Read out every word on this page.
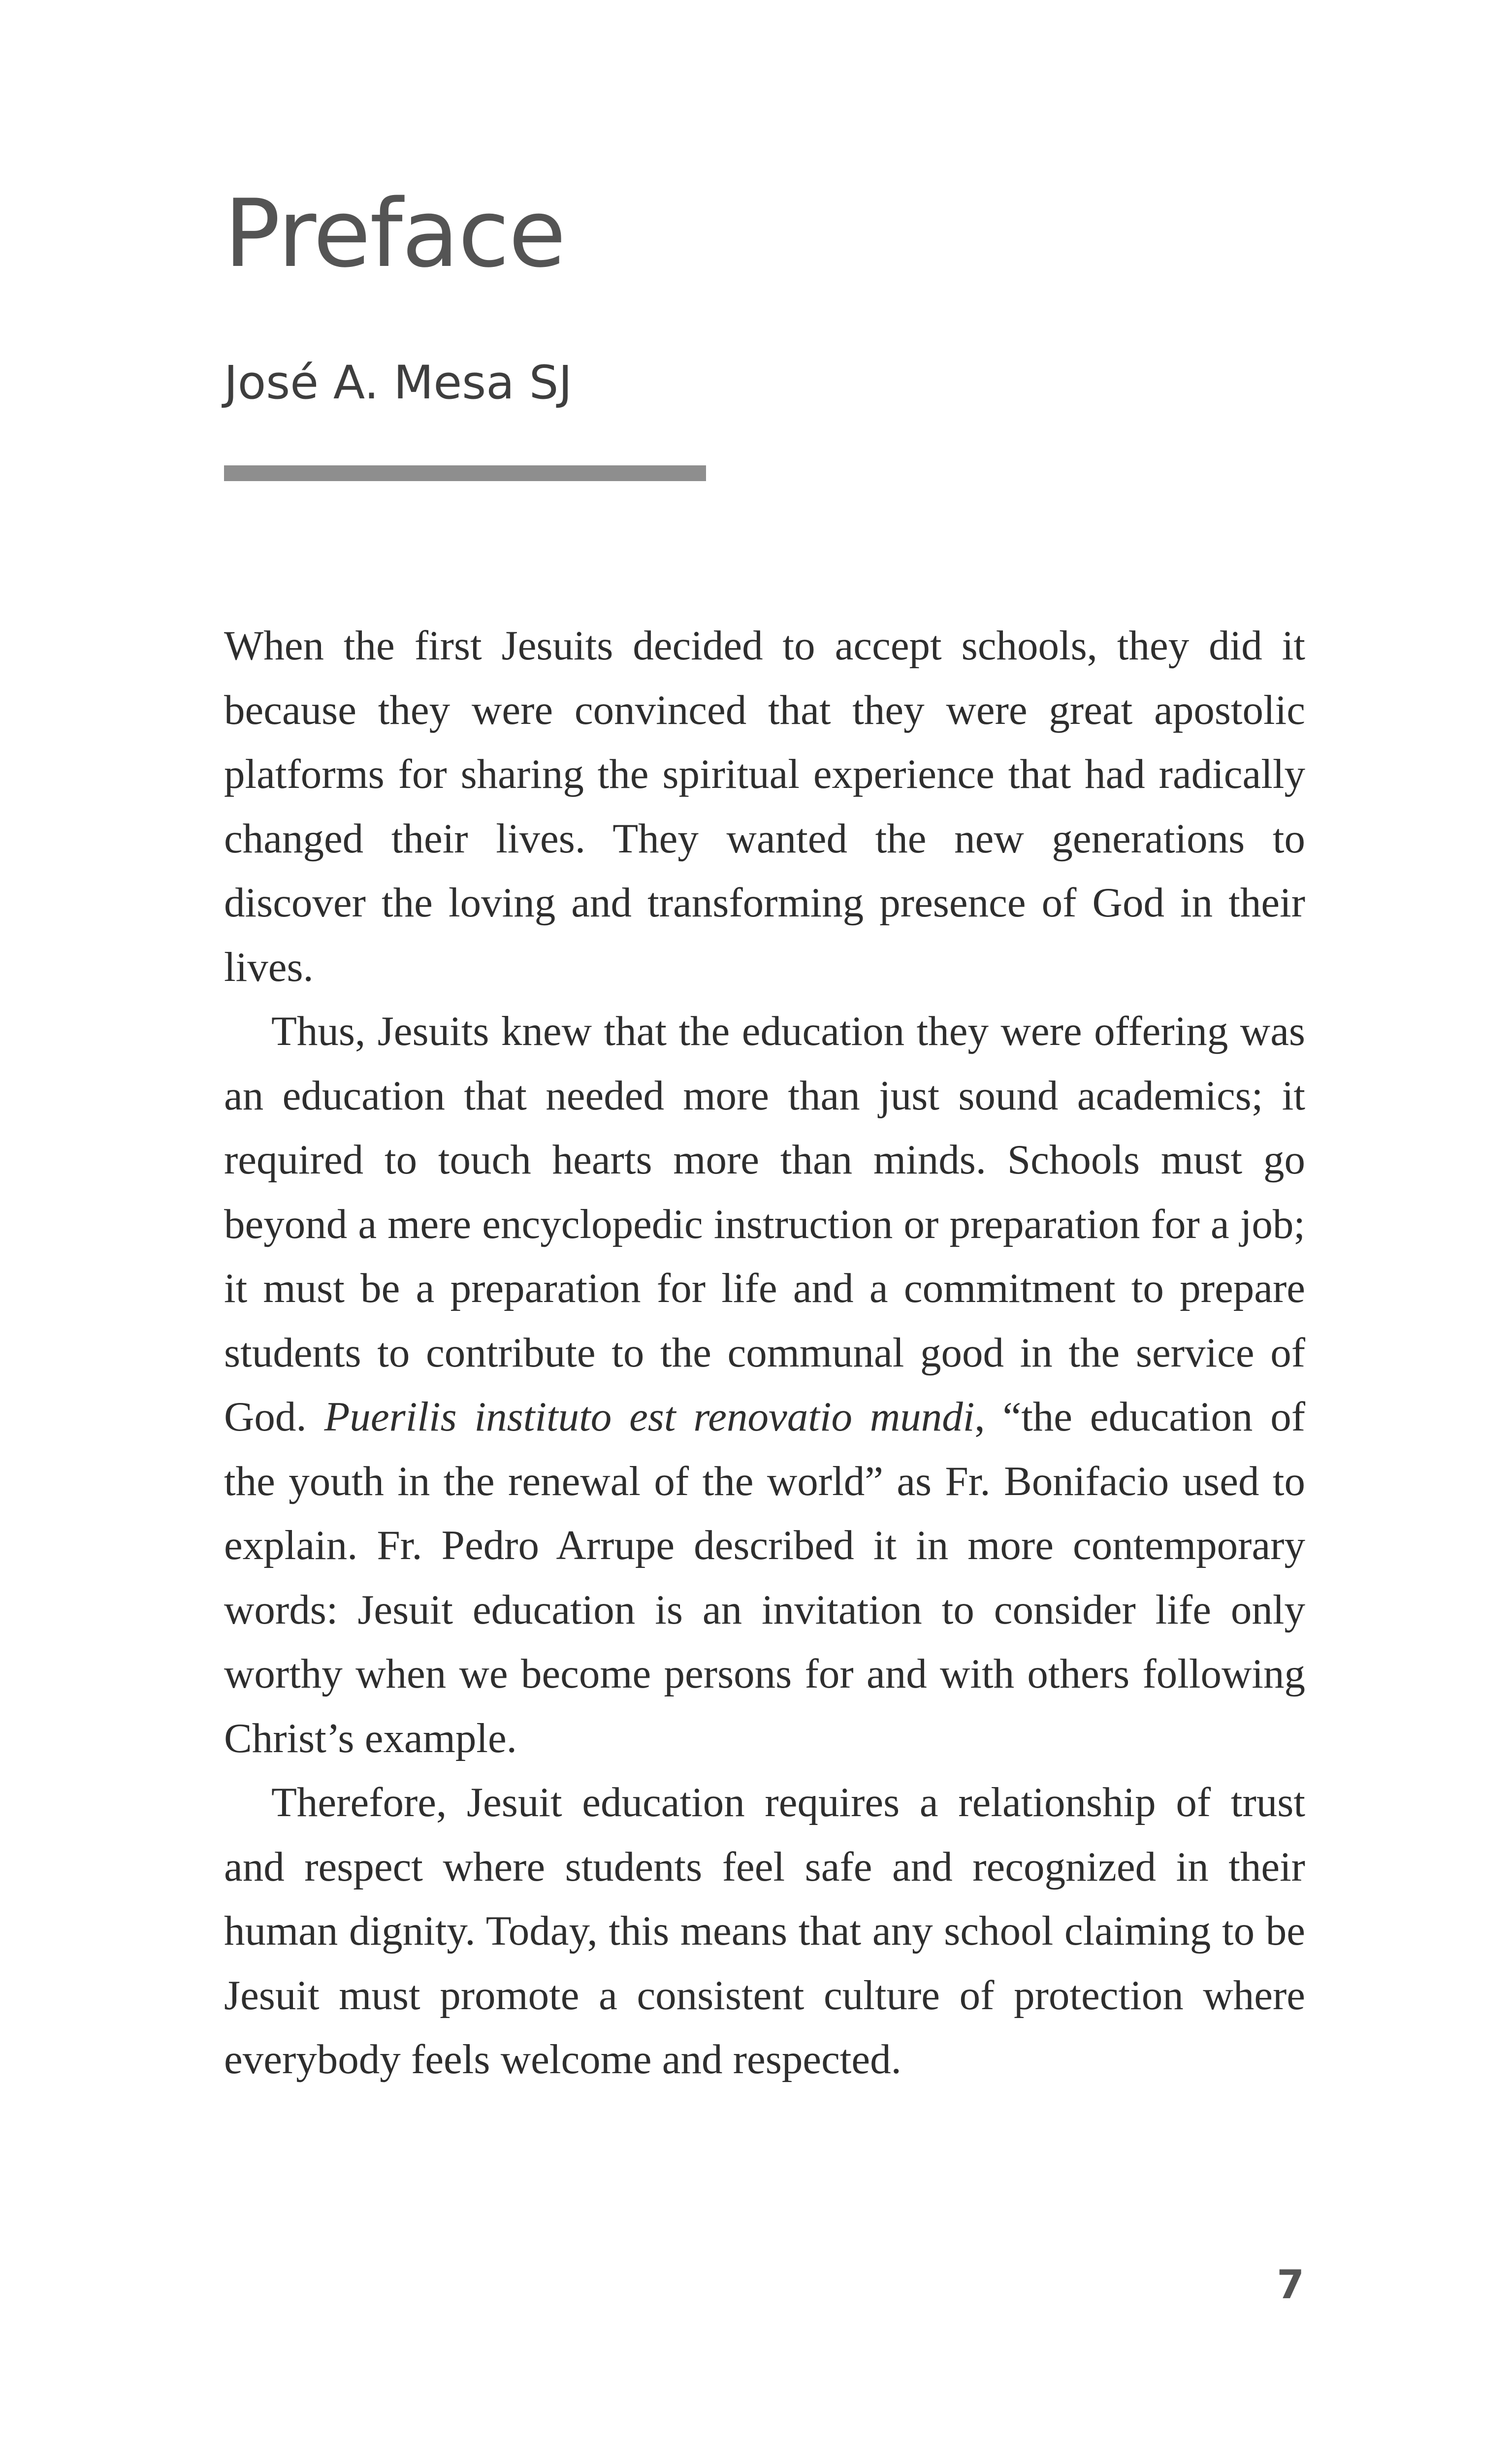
Preface

José A. Mesa SJ

When the first Jesuits decided to accept schools, they did it because they were convinced that they were great apostolic platforms for sharing the spiritual experience that had radically changed their lives. They wanted the new generations to discover the loving and transforming presence of God in their lives.

Thus, Jesuits knew that the education they were offering was an education that needed more than just sound academics; it required to touch hearts more than minds. Schools must go beyond a mere encyclopedic instruction or preparation for a job; it must be a preparation for life and a commitment to prepare students to contribute to the communal good in the service of God. Puerilis instituto est renovatio mundi, “the education of the youth in the renewal of the world” as Fr. Bonifacio used to explain. Fr. Pedro Arrupe described it in more contemporary words: Jesuit education is an invitation to consider life only worthy when we become persons for and with others following Christ’s example.

Therefore, Jesuit education requires a relationship of trust and respect where students feel safe and recognized in their human dignity. Today, this means that any school claiming to be Jesuit must promote a consistent culture of protection where everybody feels welcome and respected.

7
